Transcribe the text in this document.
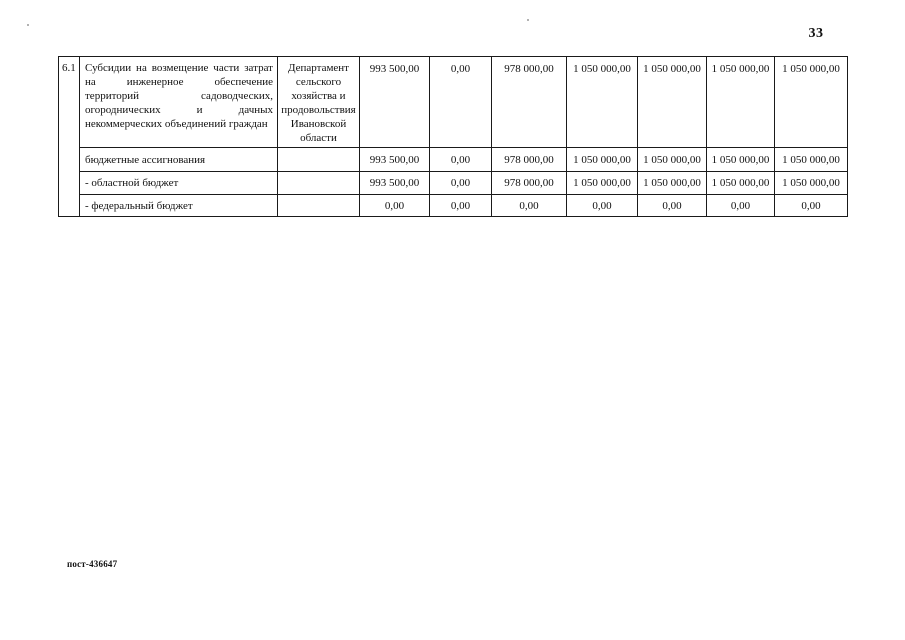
33
6.1	Субсидии на возмещение части затрат на инженерное обеспечение территорий садоводческих, огороднических и дачных некоммерческих объединений граждан	Департамент сельского хозяйства и продовольствия Ивановской области	993 500,00	0,00	978 000,00	1 050 000,00	1 050 000,00	1 050 000,00	1 050 000,00
	бюджетные ассигнования		993 500,00	0,00	978 000,00	1 050 000,00	1 050 000,00	1 050 000,00	1 050 000,00
	- областной бюджет		993 500,00	0,00	978 000,00	1 050 000,00	1 050 000,00	1 050 000,00	1 050 000,00
	- федеральный бюджет		0,00	0,00	0,00	0,00	0,00	0,00	0,00
пост-436647
